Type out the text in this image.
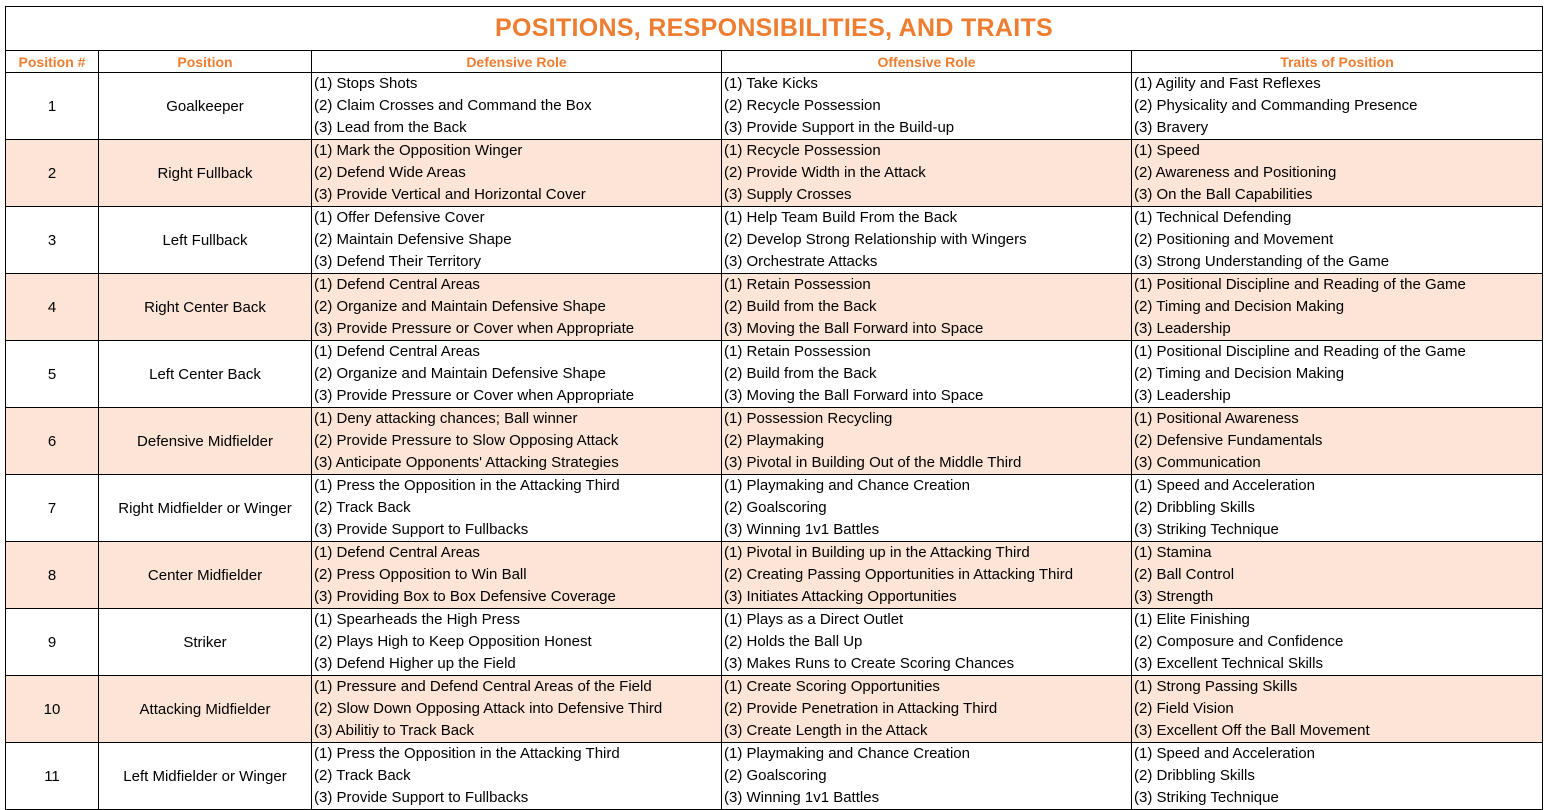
POSITIONS, RESPONSIBILITIES, AND TRAITS				
Position #	Position	Defensive Role	Offensive Role	Traits of Position
1	Goalkeeper	(1) Stops Shots
(2) Claim Crosses and Command the Box
(3) Lead from the Back	(1) Take Kicks
(2) Recycle Possession
(3) Provide Support in the Build-up	(1) Agility and Fast Reflexes
(2) Physicality and Commanding Presence
(3) Bravery

2	Right Fullback	(1) Mark the Opposition Winger
(2) Defend Wide Areas
(3) Provide Vertical and Horizontal Cover	(1) Recycle Possession
(2) Provide Width in the Attack
(3) Supply Crosses	(1) Speed
(2) Awareness and Positioning
(3) On the Ball Capabilities

3	Left Fullback	(1) Offer Defensive Cover
(2) Maintain Defensive Shape
(3) Defend Their Territory	(1) Help Team Build From the Back
(2) Develop Strong Relationship with Wingers
(3) Orchestrate Attacks	(1) Technical Defending
(2) Positioning and Movement
(3) Strong Understanding of the Game

4	Right Center Back	(1) Defend Central Areas
(2) Organize and Maintain Defensive Shape
(3) Provide Pressure or Cover when Appropriate	(1) Retain Possession
(2) Build from the Back
(3) Moving the Ball Forward into Space	(1) Positional Discipline and Reading of the Game
(2) Timing and Decision Making
(3) Leadership

5	Left Center Back	(1) Defend Central Areas
(2) Organize and Maintain Defensive Shape
(3) Provide Pressure or Cover when Appropriate	(1) Retain Possession
(2) Build from the Back
(3) Moving the Ball Forward into Space	(1) Positional Discipline and Reading of the Game
(2) Timing and Decision Making
(3) Leadership

6	Defensive Midfielder	(1) Deny attacking chances; Ball winner
(2) Provide Pressure to Slow Opposing Attack
(3) Anticipate Opponents' Attacking Strategies	(1) Possession Recycling
(2) Playmaking
(3) Pivotal in Building Out of the Middle Third	(1) Positional Awareness
(2) Defensive Fundamentals
(3) Communication

7	Right Midfielder or Winger	(1) Press the Opposition in the Attacking Third
(2) Track Back
(3) Provide Support to Fullbacks	(1) Playmaking and Chance Creation
(2) Goalscoring
(3) Winning 1v1 Battles	(1) Speed and Acceleration
(2) Dribbling Skills
(3) Striking Technique

8	Center Midfielder	(1) Defend Central Areas
(2) Press Opposition to Win Ball
(3) Providing Box to Box Defensive Coverage	(1) Pivotal in Building up in the Attacking Third
(2) Creating Passing Opportunities in Attacking Third
(3) Initiates Attacking Opportunities	(1) Stamina
(2) Ball Control
(3) Strength

9	Striker	(1) Spearheads the High Press
(2) Plays High to Keep Opposition Honest
(3) Defend Higher up the Field	(1) Plays as a Direct Outlet
(2) Holds the Ball Up
(3) Makes Runs to Create Scoring Chances	(1) Elite Finishing
(2) Composure and Confidence
(3) Excellent Technical Skills

10	Attacking Midfielder	(1) Pressure and Defend Central Areas of the Field
(2) Slow Down Opposing Attack into Defensive Third
(3) Abilitiy to Track Back	(1) Create Scoring Opportunities
(2) Provide Penetration in Attacking Third
(3) Create Length in the Attack	(1) Strong Passing Skills
(2) Field Vision
(3) Excellent Off the Ball Movement

11	Left Midfielder or Winger	(1) Press the Opposition in the Attacking Third
(2) Track Back
(3) Provide Support to Fullbacks	(1) Playmaking and Chance Creation
(2) Goalscoring
(3) Winning 1v1 Battles	(1) Speed and Acceleration
(2) Dribbling Skills
(3) Striking Technique
